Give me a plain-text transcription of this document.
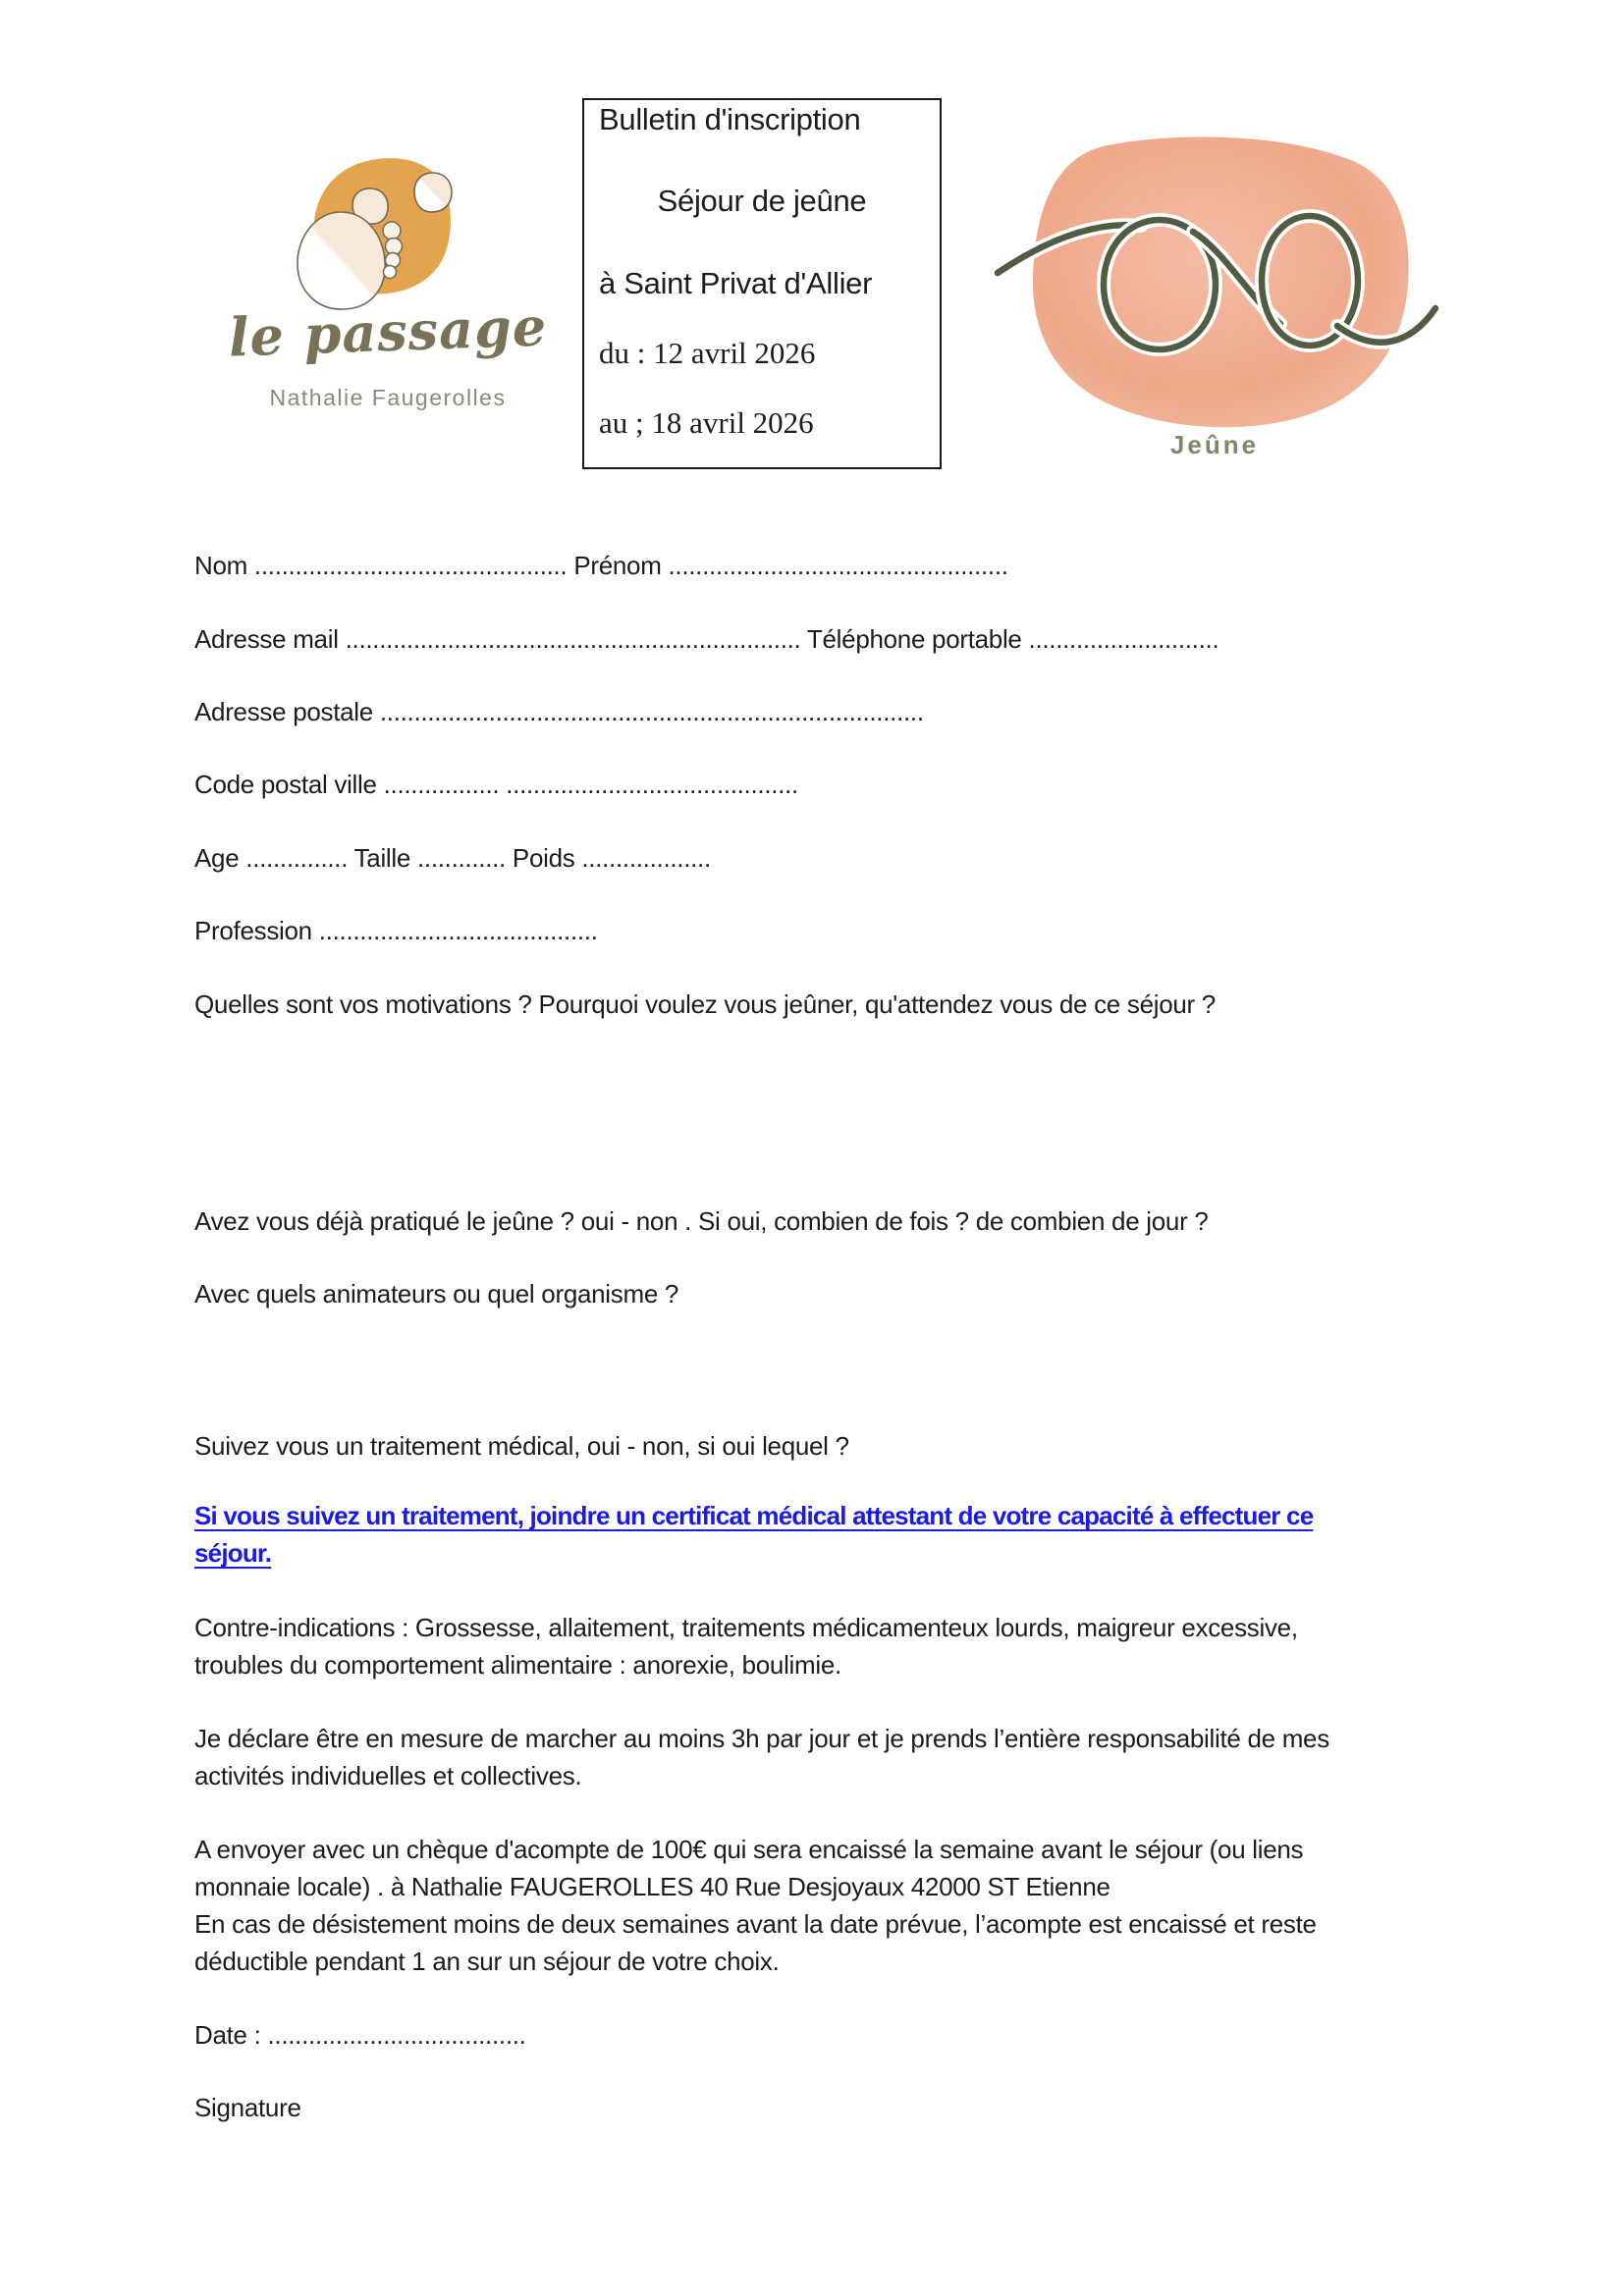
le passage
Nathalie Faugerolles
Bulletin d'inscription
Séjour de jeûne
à Saint Privat d'Allier
du : 12 avril 2026
au ; 18 avril 2026
Jeûne
Nom .............................................. Prénom ..................................................
Adresse mail ................................................................... Téléphone portable ............................
Adresse postale ................................................................................
Code postal ville ................. ...........................................
Age ............... Taille ............. Poids ...................
Profession .........................................
Quelles sont vos motivations ? Pourquoi voulez vous jeûner, qu'attendez vous de ce séjour ?
Avez vous déjà pratiqué le jeûne ? oui - non . Si oui, combien de fois ? de combien de jour ?
Avec quels animateurs ou quel organisme ?
Suivez vous un traitement médical, oui - non, si oui lequel ?
Si vous suivez un traitement, joindre un certificat médical attestant de votre capacité à effectuer ce
séjour.
Contre-indications : Grossesse, allaitement, traitements médicamenteux lourds, maigreur excessive,
troubles du comportement alimentaire : anorexie, boulimie.
Je déclare être en mesure de marcher au moins 3h par jour et je prends l’entière responsabilité de mes
activités individuelles et collectives.
A envoyer avec un chèque d'acompte de 100€ qui sera encaissé la semaine avant le séjour (ou liens
monnaie locale) . à Nathalie FAUGEROLLES 40 Rue Desjoyaux 42000 ST Etienne
En cas de désistement moins de deux semaines avant la date prévue, l’acompte est encaissé et reste
déductible pendant 1 an sur un séjour de votre choix.
Date : ......................................
Signature
